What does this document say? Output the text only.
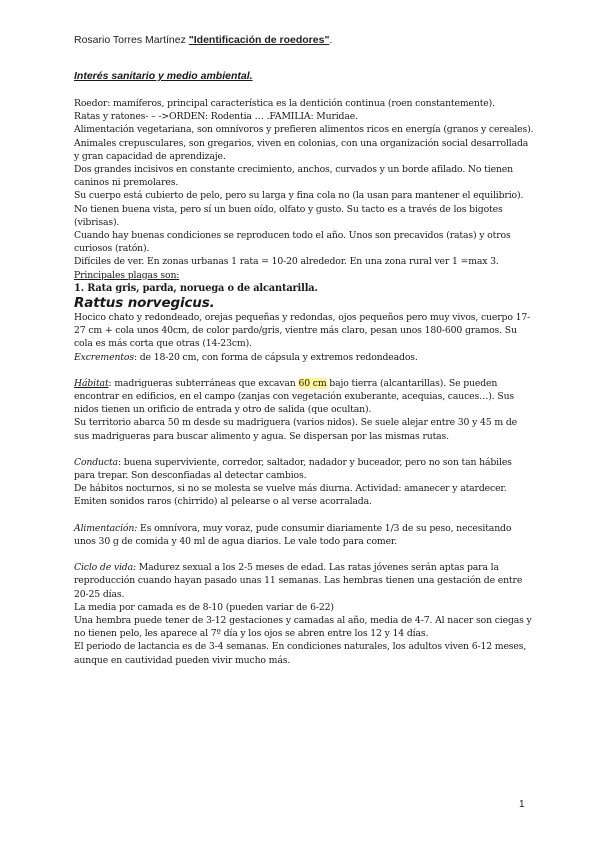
Rosario Torres Martínez "Identificación de roedores".
Interés sanitario y medio ambiental.

Roedor: mamíferos, principal característica es la dentición continua (roen constantemente).

Ratas y ratones- – ->ORDEN: Rodentia … .FAMILIA: Muridae.

Alimentación vegetariana, son omnívoros y prefieren alimentos ricos en energía (granos y cereales).

Animales crepusculares, son gregarios, viven en colonias, con una organización social desarrollada y gran capacidad de aprendizaje.

Dos grandes incisivos en constante crecimiento, anchos, curvados y un borde afilado. No tienen caninos ni premolares.

Su cuerpo está cubierto de pelo, pero su larga y fina cola no (la usan para mantener el equilibrio).

No tienen buena vista, pero sí un buen oído, olfato y gusto. Su tacto es a través de los bigotes (vibrisas).

Cuando hay buenas condiciones se reproducen todo el año. Unos son precavidos (ratas) y otros curiosos (ratón).

Difíciles de ver. En zonas urbanas 1 rata = 10-20 alrededor. En una zona rural ver 1 =max 3.

Principales plagas son:

1. Rata gris, parda, noruega o de alcantarilla.

Rattus norvegicus.

Hocico chato y redondeado, orejas pequeñas y redondas, ojos pequeños pero muy vivos, cuerpo 17-27 cm + cola unos 40cm, de color pardo/gris, vientre más claro, pesan unos 180-600 gramos. Su cola es más corta que otras (14-23cm).

Excrementos: de 18-20 cm, con forma de cápsula y extremos redondeados.

Hábitat: madrigueras subterráneas que excavan 60 cm bajo tierra (alcantarillas). Se pueden encontrar en edificios, en el campo (zanjas con vegetación exuberante, acequias, cauces…). Sus nidos tienen un orificio de entrada y otro de salida (que ocultan).

Su territorio abarca 50 m desde su madriguera (varios nidos). Se suele alejar entre 30 y 45 m de sus madrigueras para buscar alimento y agua. Se dispersan por las mismas rutas.

Conducta: buena superviviente, corredor, saltador, nadador y buceador, pero no son tan hábiles para trepar. Son desconfiadas al detectar cambios.

De hábitos nocturnos, si no se molesta se vuelve más diurna. Actividad: amanecer y atardecer. Emiten sonidos raros (chirrido) al pelearse o al verse acorralada.

Alimentación: Es omnívora, muy voraz, pude consumir diariamente 1/3 de su peso, necesitando unos 30 g de comida y 40 ml de agua diarios. Le vale todo para comer.

Ciclo de vida: Madurez sexual a los 2-5 meses de edad. Las ratas jóvenes serán aptas para la reproducción cuando hayan pasado unas 11 semanas. Las hembras tienen una gestación de entre 20-25 días.

La media por camada es de 8-10 (pueden variar de 6-22)

Una hembra puede tener de 3-12 gestaciones y camadas al año, media de 4-7. Al nacer son ciegas y no tienen pelo, les aparece al 7º día y los ojos se abren entre los 12 y 14 días.

El periodo de lactancia es de 3-4 semanas. En condiciones naturales, los adultos viven 6-12 meses, aunque en cautividad pueden vivir mucho más.

1
